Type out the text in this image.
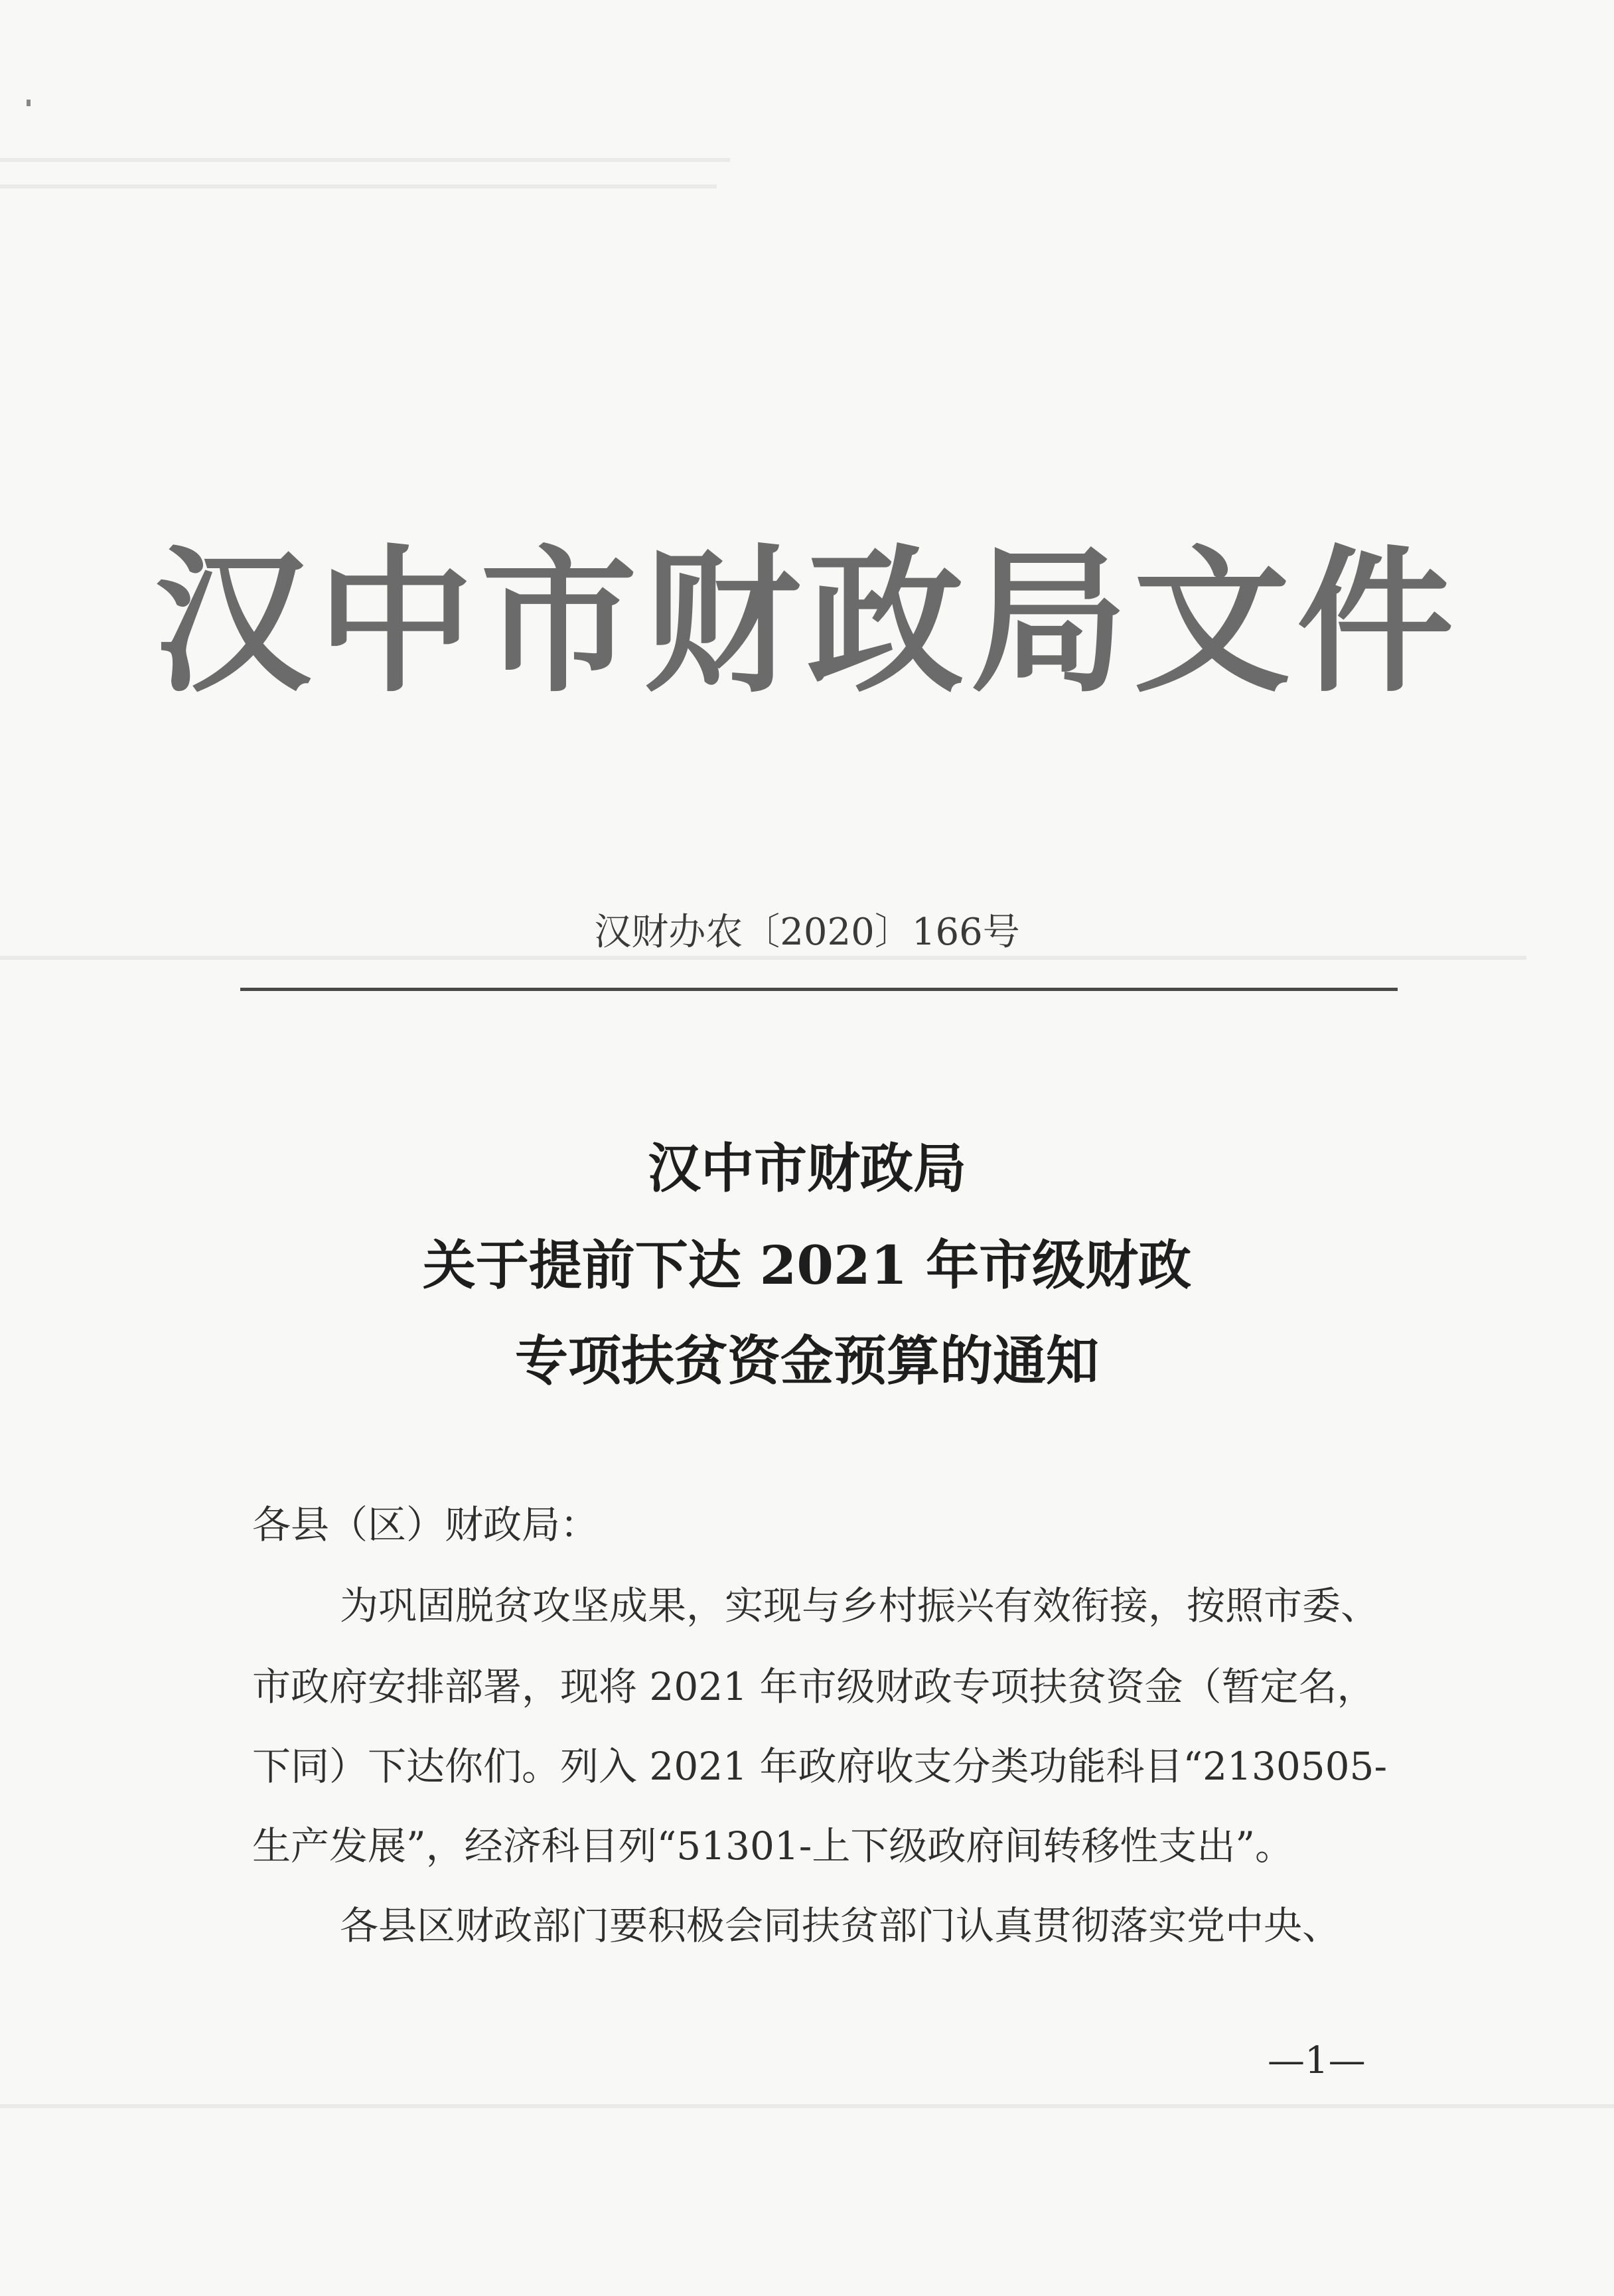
汉中市财政局文件
汉财办农〔2020〕166号
汉中市财政局
关于提前下达 2021 年市级财政
专项扶贫资金预算的通知
各县（区）财政局：
为巩固脱贫攻坚成果，实现与乡村振兴有效衔接，按照市委、
市政府安排部署，现将 2021 年市级财政专项扶贫资金（暂定名，
下同）下达你们。列入 2021 年政府收支分类功能科目“2130505-
生产发展”，经济科目列“51301-上下级政府间转移性支出”。
各县区财政部门要积极会同扶贫部门认真贯彻落实党中央、
—1—
